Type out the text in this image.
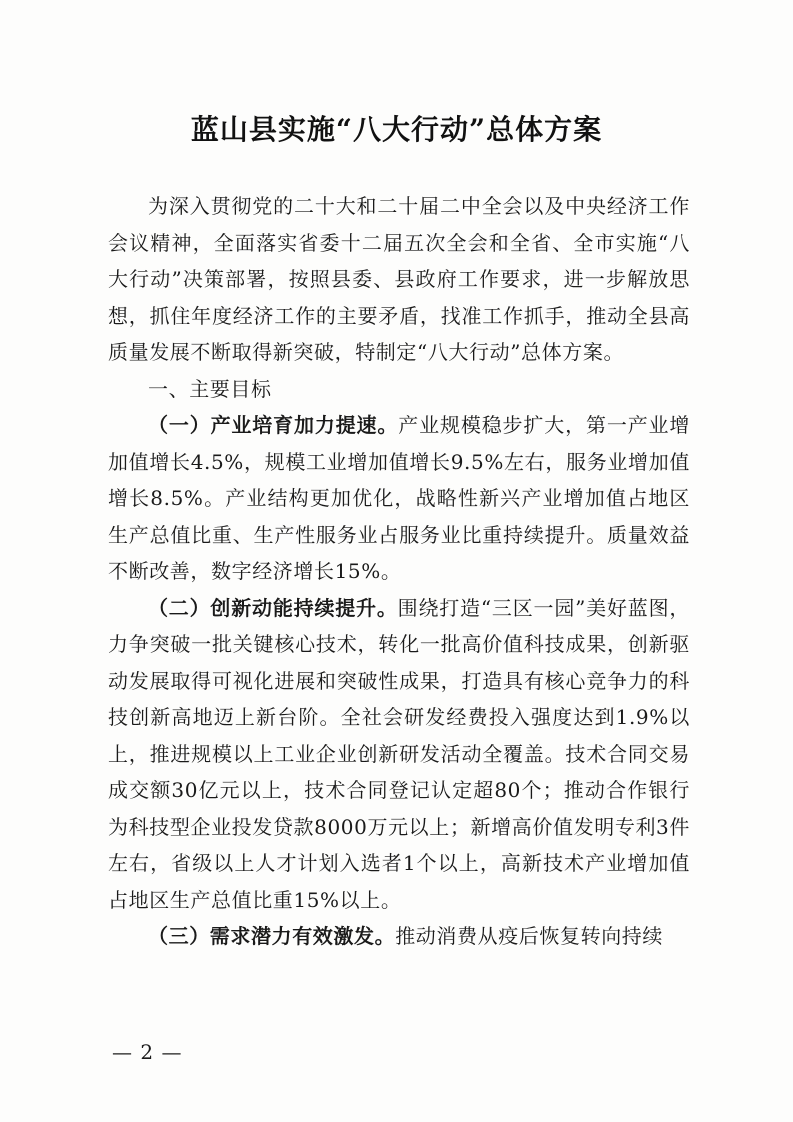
蓝山县实施“八大行动”总体方案

为深入贯彻党的二十大和二十届二中全会以及中央经济工作会议精神，全面落实省委十二届五次全会和全省、全市实施“八大行动”决策部署，按照县委、县政府工作要求，进一步解放思想，抓住年度经济工作的主要矛盾，找准工作抓手，推动全县高质量发展不断取得新突破，特制定“八大行动”总体方案。

一、主要目标

（一）产业培育加力提速。产业规模稳步扩大，第一产业增加值增长4.5%，规模工业增加值增长9.5%左右，服务业增加值增长8.5%。产业结构更加优化，战略性新兴产业增加值占地区生产总值比重、生产性服务业占服务业比重持续提升。质量效益不断改善，数字经济增长15%。

（二）创新动能持续提升。围绕打造“三区一园”美好蓝图，力争突破一批关键核心技术，转化一批高价值科技成果，创新驱动发展取得可视化进展和突破性成果，打造具有核心竞争力的科技创新高地迈上新台阶。全社会研发经费投入强度达到1.9%以上，推进规模以上工业企业创新研发活动全覆盖。技术合同交易成交额30亿元以上，技术合同登记认定超80个；推动合作银行为科技型企业投发贷款8000万元以上；新增高价值发明专利3件左右，省级以上人才计划入选者1个以上，高新技术产业增加值占地区生产总值比重15%以上。

（三）需求潜力有效激发。推动消费从疫后恢复转向持续

— 2 —
